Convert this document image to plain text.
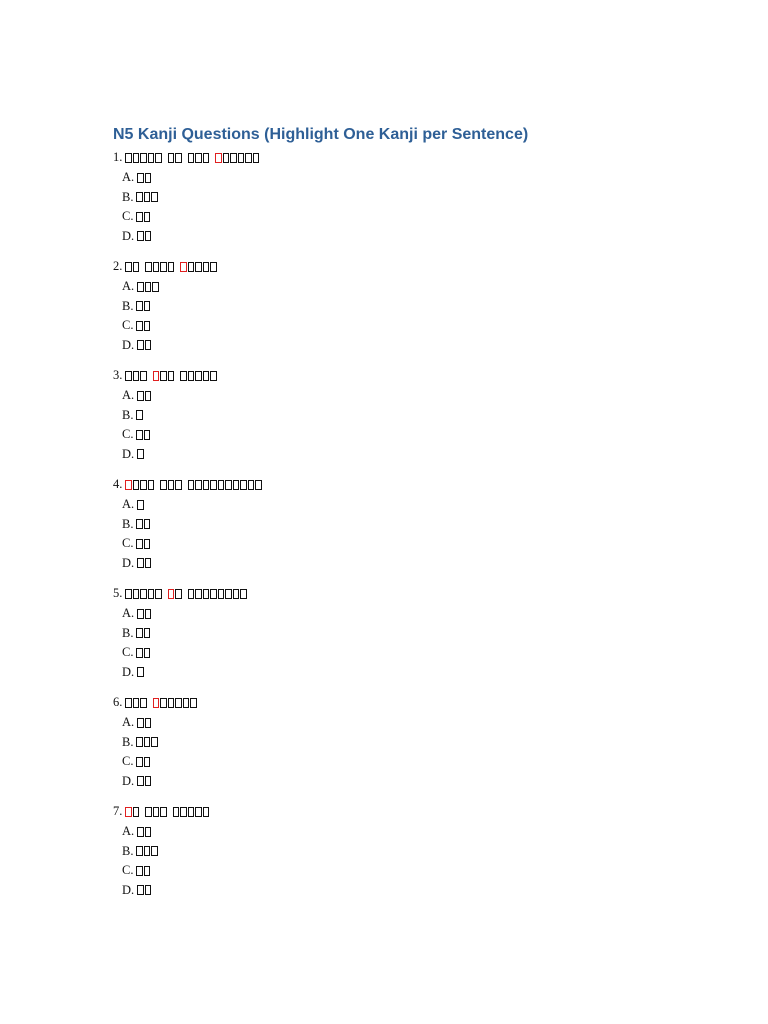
N5 Kanji Questions (Highlight One Kanji per Sentence)
1.
A.
B.
C.
D.
2.
A.
B.
C.
D.
3.
A.
B.
C.
D.
4.
A.
B.
C.
D.
5.
A.
B.
C.
D.
6.
A.
B.
C.
D.
7.
A.
B.
C.
D.
